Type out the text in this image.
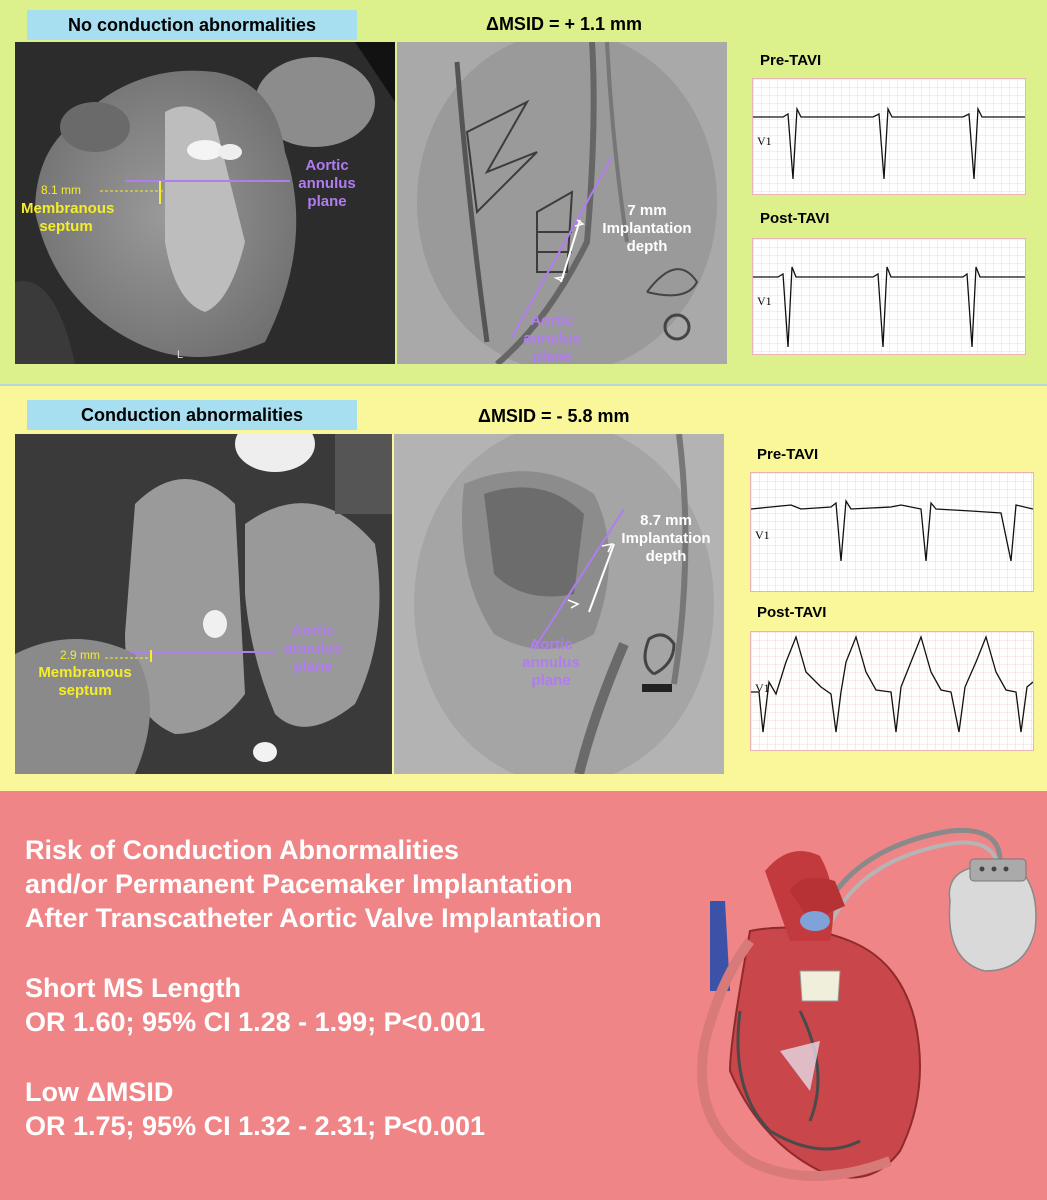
No conduction abnormalities	ΔMSID = + 1.1 mm
8.1 mm
Membranous
septum
Aortic
annulus
plane
L
7 mm
Implantation
depth
Aortic
annulus
plane
Pre-TAVI
V1
Post-TAVI
V1
Conduction abnormalities	ΔMSID = - 5.8 mm
2.9 mm
Membranous
septum
Aortic
annulus
plane
8.7 mm
Implantation
depth
Aortic
annulus
plane
Pre-TAVI
V1
Post-TAVI
V1
Risk of Conduction Abnormalities
and/or Permanent Pacemaker Implantation
After Transcatheter Aortic Valve Implantation
Short MS Length
OR 1.60; 95% CI 1.28 - 1.99; P<0.001
Low ΔMSID
OR 1.75; 95% CI 1.32 - 2.31; P<0.001
